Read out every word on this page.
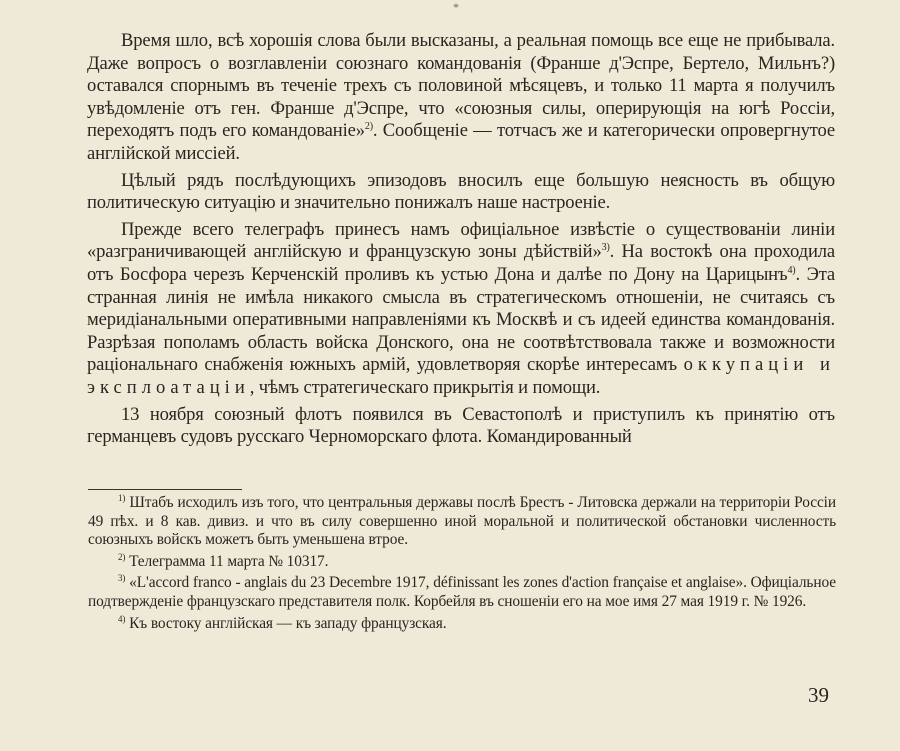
*

Время шло, всѣ хорошія слова были высказаны, а реальная помощь все еще не прибывала. Даже вопросъ о возглавленіи союзнаго командованія (Франше д'Эспре, Бертело, Мильнъ?) оставался спорнымъ въ теченіе трехъ съ половиной мѣсяцевъ, и только 11 марта я получилъ увѣдомленіе отъ ген. Франше д'Эспре, что «союзныя силы, оперирующія на югѣ Россіи, переходятъ подъ его командованіе»$^{2)}$. Сообщеніе — тотчасъ же и категорически опровергнутое англійской миссіей.

Цѣлый рядъ послѣдующихъ эпизодовъ вносилъ еще большую неясность въ общую политическую ситуацію и значительно понижалъ наше настроеніе.

Прежде всего телеграфъ принесъ намъ офиціальное извѣстіе о существованіи линіи «разграничивающей англійскую и французскую зоны дѣйствій»$^{3)}$. На востокѣ она проходила отъ Босфора черезъ Керченскій проливъ къ устью Дона и далѣе по Дону на Царицынъ$^{4)}$. Эта странная линія не имѣла никакого смысла въ стратегическомъ отношеніи, не считаясь съ меридіанальными оперативными направленіями къ Москвѣ и съ идеей единства командованія. Разрѣзая пополамъ область войска Донского, она не соотвѣтствовала также и возможности раціональнаго снабженія южныхъ армій, удовлетворяя скорѣе интересамъ оккупаціи и эксплоатаціи, чѣмъ стратегическаго прикрытія и помощи.

13 ноября союзный флотъ появился въ Севастополѣ и приступилъ къ принятію отъ германцевъ судовъ русскаго Черноморскаго флота. Командированный

$^{1)}$ Штабъ исходилъ изъ того, что центральныя державы послѣ Брестъ - Литовска держали на территоріи Россіи 49 пѣх. и 8 кав. дивиз. и что въ силу совершенно иной моральной и политической обстановки численность союзныхъ войскъ можетъ быть уменьшена втрое.

$^{2)}$ Телеграмма 11 марта № 10317.

$^{3)}$ «L'accord franco - anglais du 23 Decembre 1917, définissant les zones d'action française et anglaise». Офиціальное подтвержденіе французскаго представителя полк. Корбейля въ сношеніи его на мое имя 27 мая 1919 г. № 1926.

$^{4)}$ Къ востоку англійская — къ западу французская.

39
